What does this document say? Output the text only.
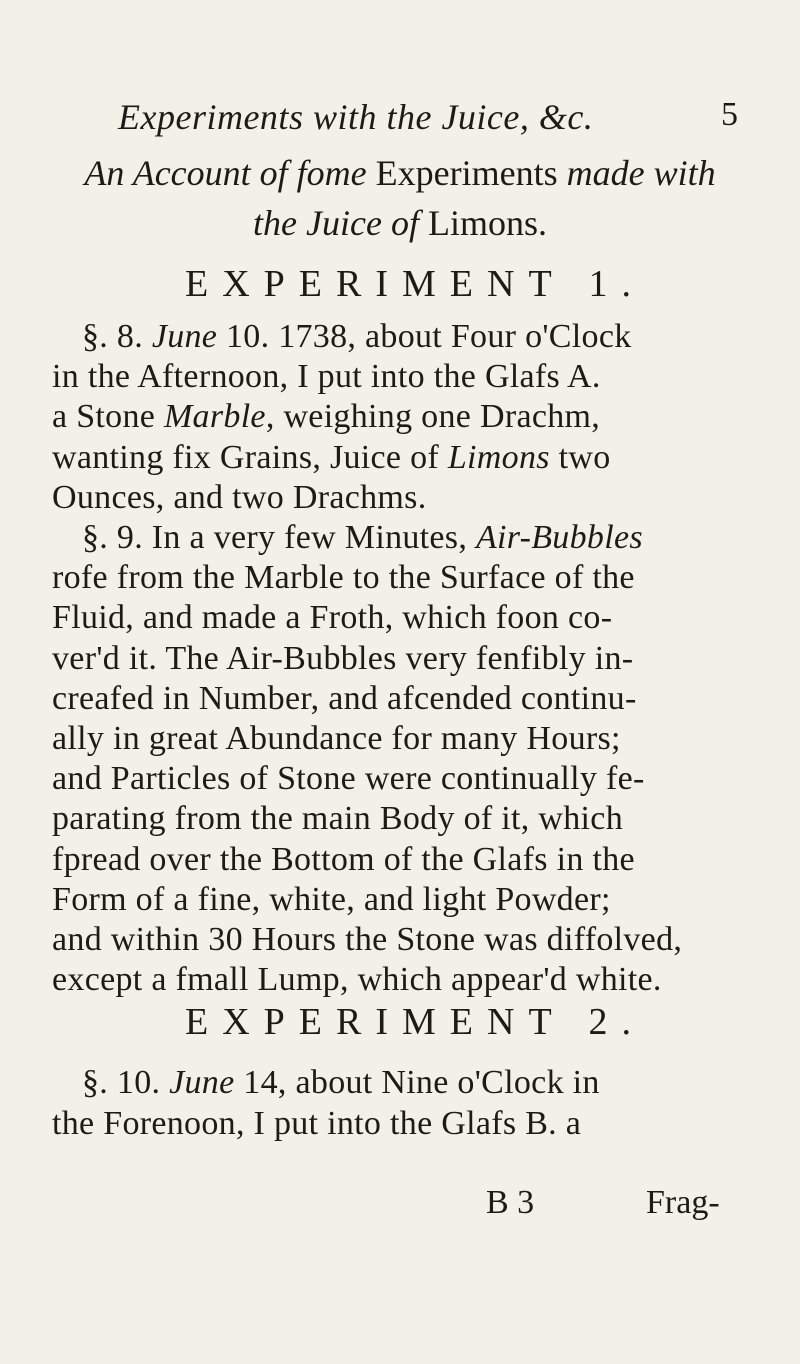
Experiments with the Juice, &c.	5
An Account of fome Experiments made with
the Juice of Limons.
EXPERIMENT 1.
§. 8. June 10. 1738, about Four o'Clock
in the Afternoon, I put into the Glafs A.
a Stone Marble, weighing one Drachm,
wanting fix Grains, Juice of Limons two
Ounces, and two Drachms.
§. 9. In a very few Minutes, Air-Bubbles
rofe from the Marble to the Surface of the
Fluid, and made a Froth, which foon co-
ver'd it. The Air-Bubbles very fenfibly in-
creafed in Number, and afcended continu-
ally in great Abundance for many Hours;
and Particles of Stone were continually fe-
parating from the main Body of it, which
fpread over the Bottom of the Glafs in the
Form of a fine, white, and light Powder;
and within 30 Hours the Stone was diffolved,
except a fmall Lump, which appear'd white.
EXPERIMENT 2.
§. 10. June 14, about Nine o'Clock in
the Forenoon, I put into the Glafs B. a
B 3	Frag-
